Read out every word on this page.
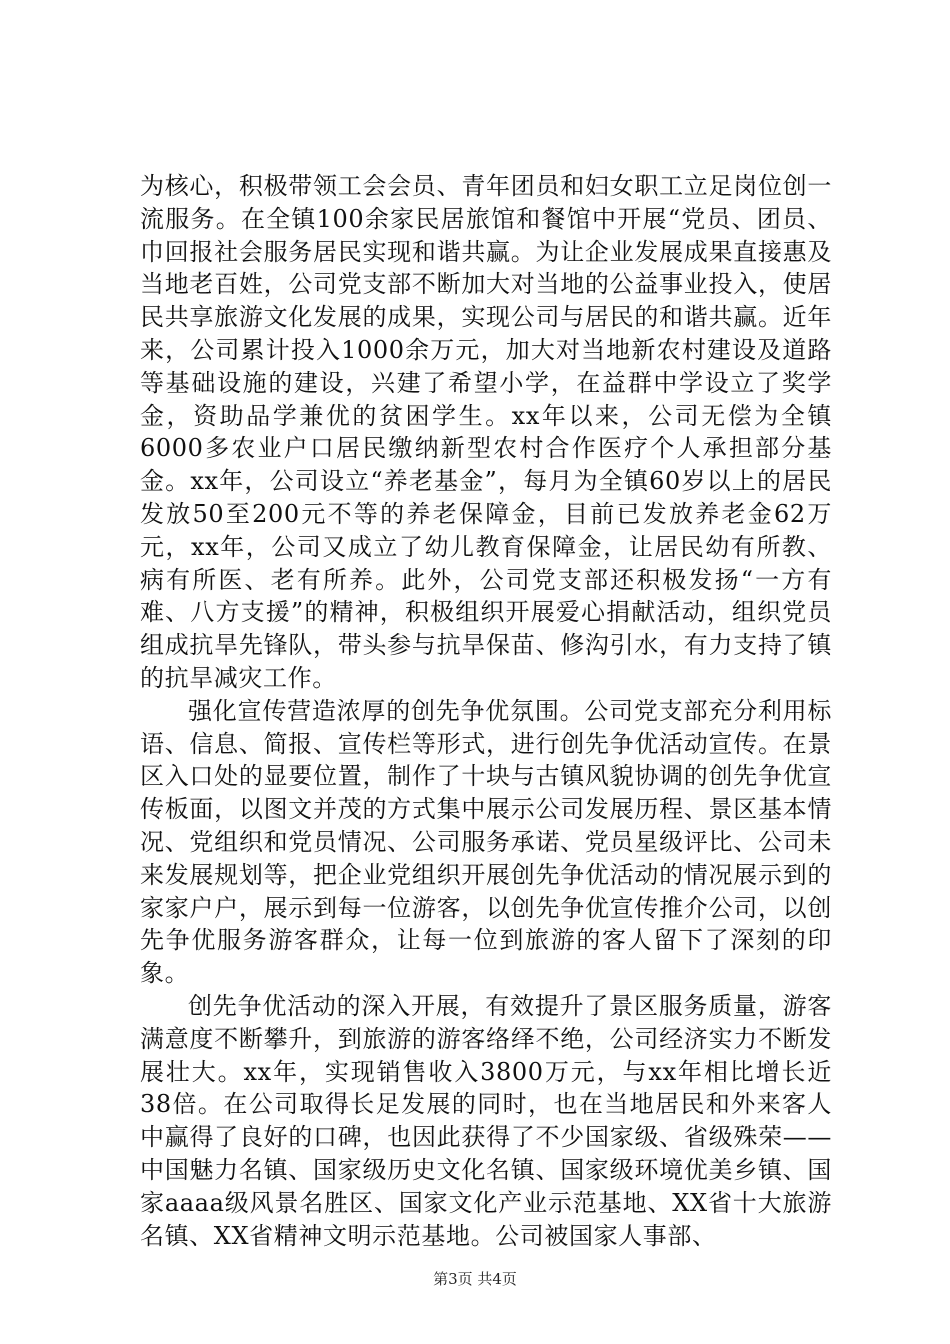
为核心，积极带领工会会员、青年团员和妇女职工立足岗位创一流服务。在全镇100余家民居旅馆和餐馆中开展“党员、团员、巾回报社会服务居民实现和谐共赢。为让企业发展成果直接惠及当地老百姓，公司党支部不断加大对当地的公益事业投入，使居民共享旅游文化发展的成果，实现公司与居民的和谐共赢。近年来，公司累计投入1000余万元，加大对当地新农村建设及道路等基础设施的建设，兴建了希望小学，在益群中学设立了奖学金，资助品学兼优的贫困学生。xx年以来，公司无偿为全镇6000多农业户口居民缴纳新型农村合作医疗个人承担部分基金。xx年，公司设立“养老基金”，每月为全镇60岁以上的居民发放50至200元不等的养老保障金，目前已发放养老金62万元，xx年，公司又成立了幼儿教育保障金，让居民幼有所教、病有所医、老有所养。此外，公司党支部还积极发扬“一方有难、八方支援”的精神，积极组织开展爱心捐献活动，组织党员组成抗旱先锋队，带头参与抗旱保苗、修沟引水，有力支持了镇的抗旱减灾工作。

强化宣传营造浓厚的创先争优氛围。公司党支部充分利用标语、信息、简报、宣传栏等形式，进行创先争优活动宣传。在景区入口处的显要位置，制作了十块与古镇风貌协调的创先争优宣传板面，以图文并茂的方式集中展示公司发展历程、景区基本情况、党组织和党员情况、公司服务承诺、党员星级评比、公司未来发展规划等，把企业党组织开展创先争优活动的情况展示到的家家户户，展示到每一位游客，以创先争优宣传推介公司，以创先争优服务游客群众，让每一位到旅游的客人留下了深刻的印象。

创先争优活动的深入开展，有效提升了景区服务质量，游客满意度不断攀升，到旅游的游客络绎不绝，公司经济实力不断发展壮大。xx年，实现销售收入3800万元，与xx年相比增长近38倍。在公司取得长足发展的同时，也在当地居民和外来客人中赢得了良好的口碑，也因此获得了不少国家级、省级殊荣——中国魅力名镇、国家级历史文化名镇、国家级环境优美乡镇、国家aaaa级风景名胜区、国家文化产业示范基地、XX省十大旅游名镇、XX省精神文明示范基地。公司被国家人事部、

第3页 共4页
